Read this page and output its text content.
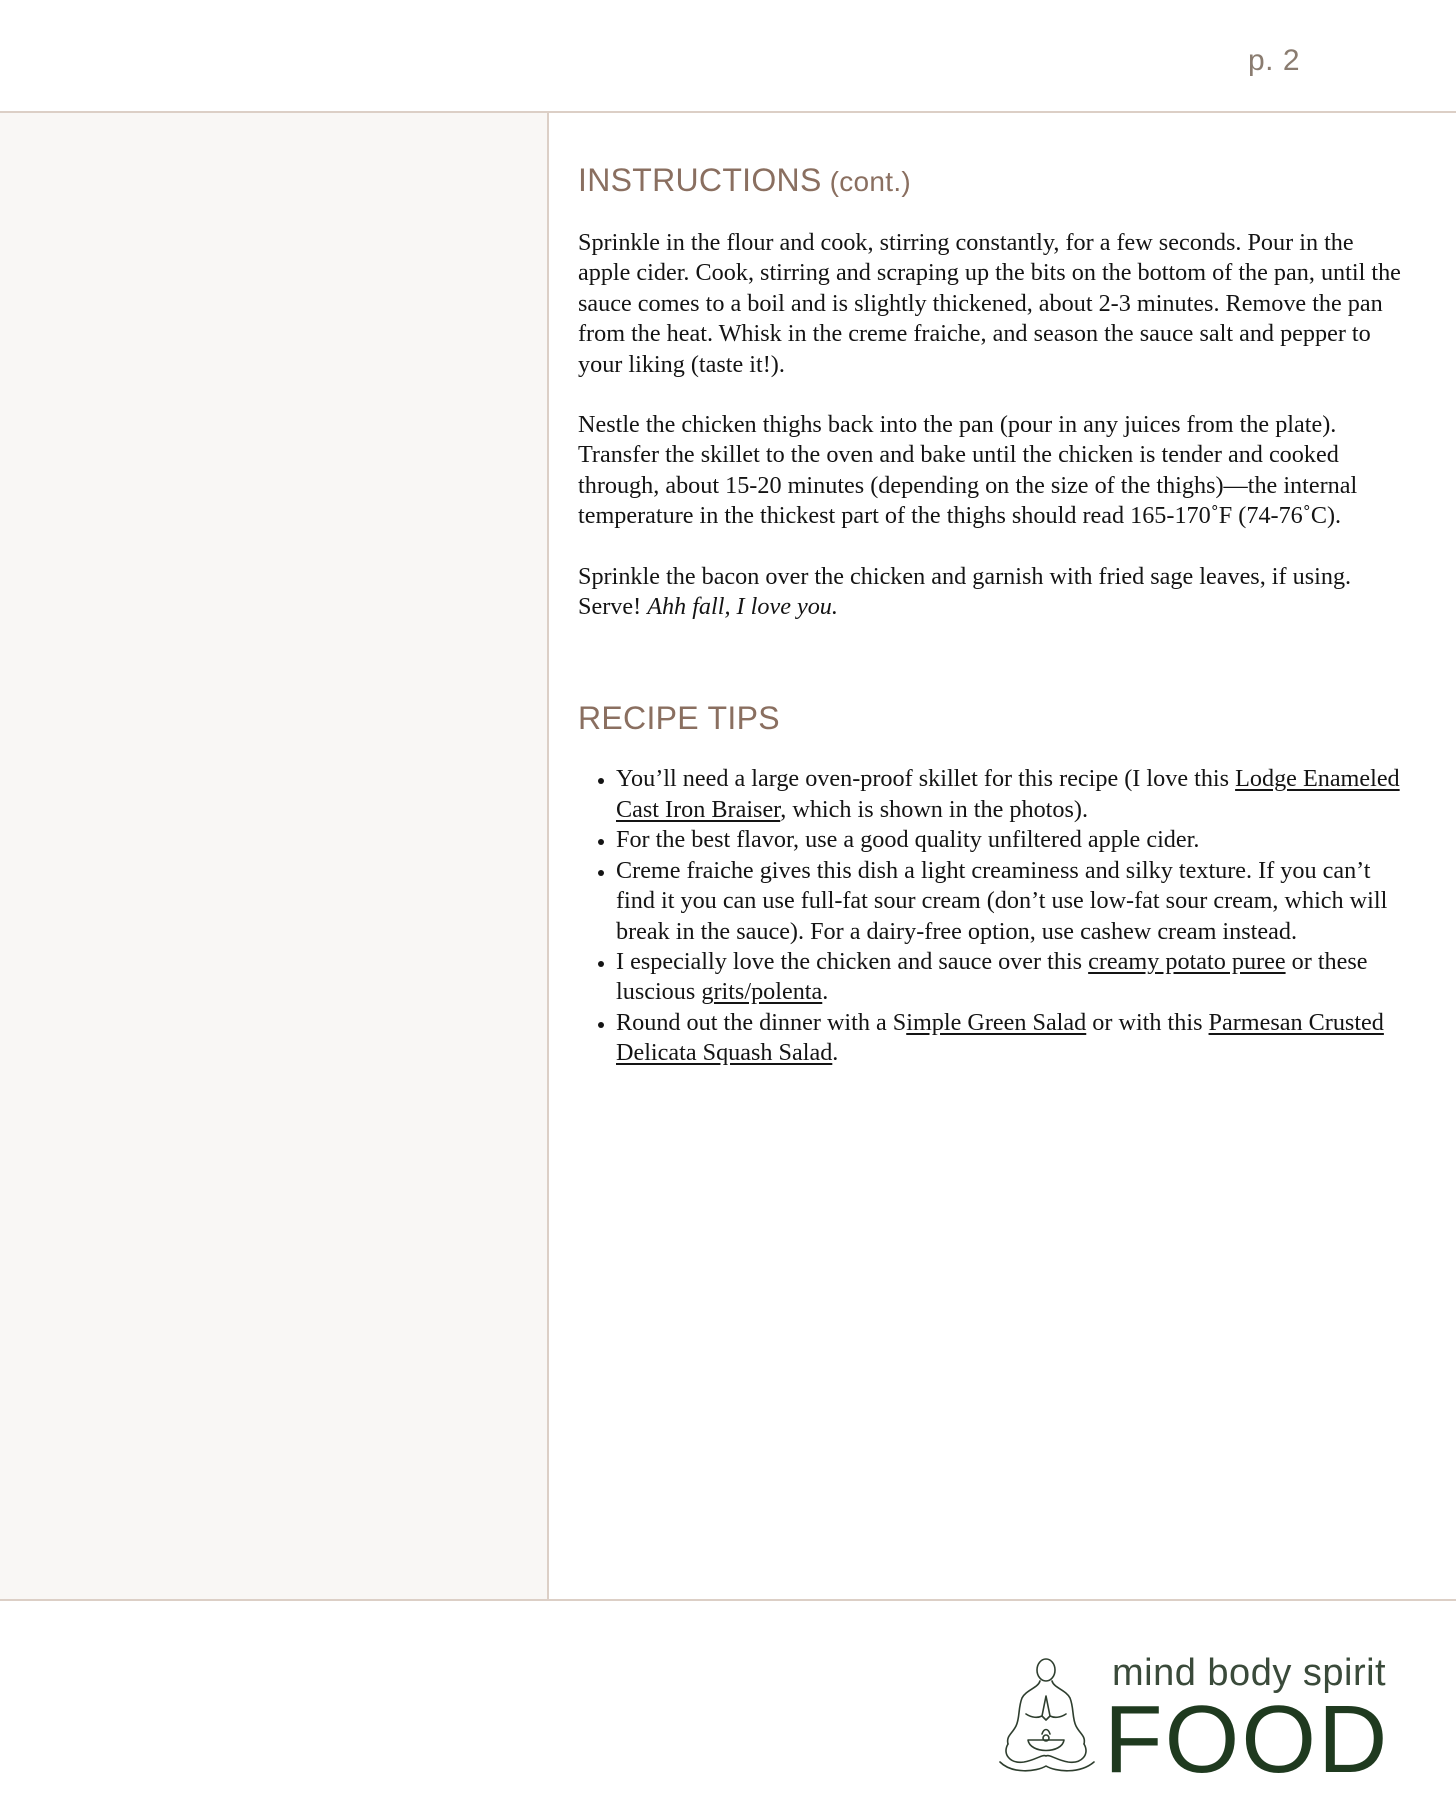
p. 2
INSTRUCTIONS (cont.)

Sprinkle in the flour and cook, stirring constantly, for a few seconds. Pour in the apple cider. Cook, stirring and scraping up the bits on the bottom of the pan, until the sauce comes to a boil and is slightly thickened, about 2-3 minutes. Remove the pan from the heat. Whisk in the creme fraiche, and season the sauce salt and pepper to your liking (taste it!).

Nestle the chicken thighs back into the pan (pour in any juices from the plate). Transfer the skillet to the oven and bake until the chicken is tender and cooked through, about 15-20 minutes (depending on the size of the thighs)—the internal temperature in the thickest part of the thighs should read 165-170˚F (74-76˚C).

Sprinkle the bacon over the chicken and garnish with fried sage leaves, if using. Serve! Ahh fall, I love you.

RECIPE TIPS
• You’ll need a large oven-proof skillet for this recipe (I love this Lodge Enameled Cast Iron Braiser, which is shown in the photos).
• For the best flavor, use a good quality unfiltered apple cider.
• Creme fraiche gives this dish a light creaminess and silky texture. If you can’t find it you can use full-fat sour cream (don’t use low-fat sour cream, which will break in the sauce). For a dairy-free option, use cashew cream instead.
• I especially love the chicken and sauce over this creamy potato puree or these luscious grits/polenta.
• Round out the dinner with a Simple Green Salad or with this Parmesan Crusted Delicata Squash Salad.
mind body spirit
FOOD
